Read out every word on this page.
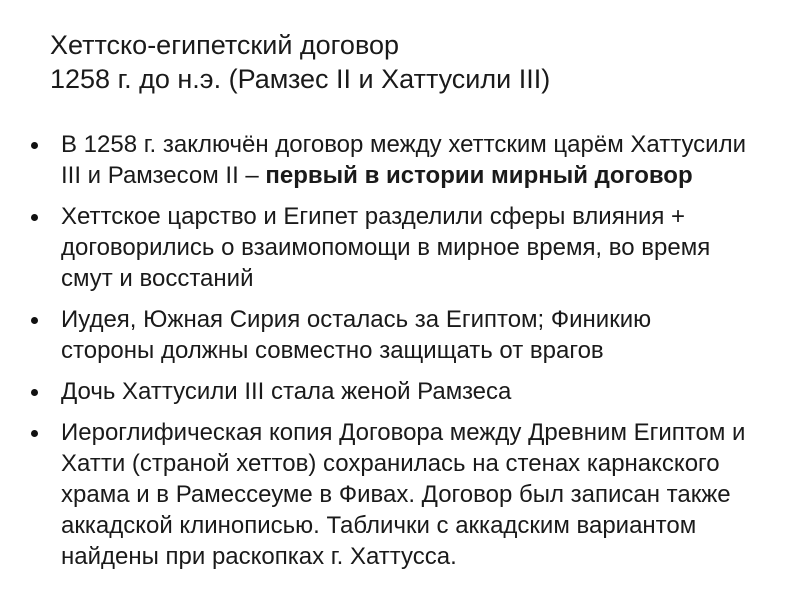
Хеттско-египетский договор
1258 г. до н.э. (Рамзес II и Хаттусили III)
В 1258 г. заключён договор между хеттским царём Хаттусили
III и Рамзесом II – первый в истории мирный договор
Хеттское царство и Египет разделили сферы влияния +
договорились о взаимопомощи в мирное время, во время
смут и восстаний
Иудея, Южная Сирия осталась за Египтом; Финикию
стороны должны совместно защищать от врагов
Дочь Хаттусили III стала женой Рамзеса
Иероглифическая копия Договора между Древним Египтом и
Хатти (страной хеттов) сохранилась на стенах карнакского
храма и в Рамессеуме в Фивах. Договор был записан также
аккадской клинописью. Таблички с аккадским вариантом
найдены при раскопках г. Хаттусса.
